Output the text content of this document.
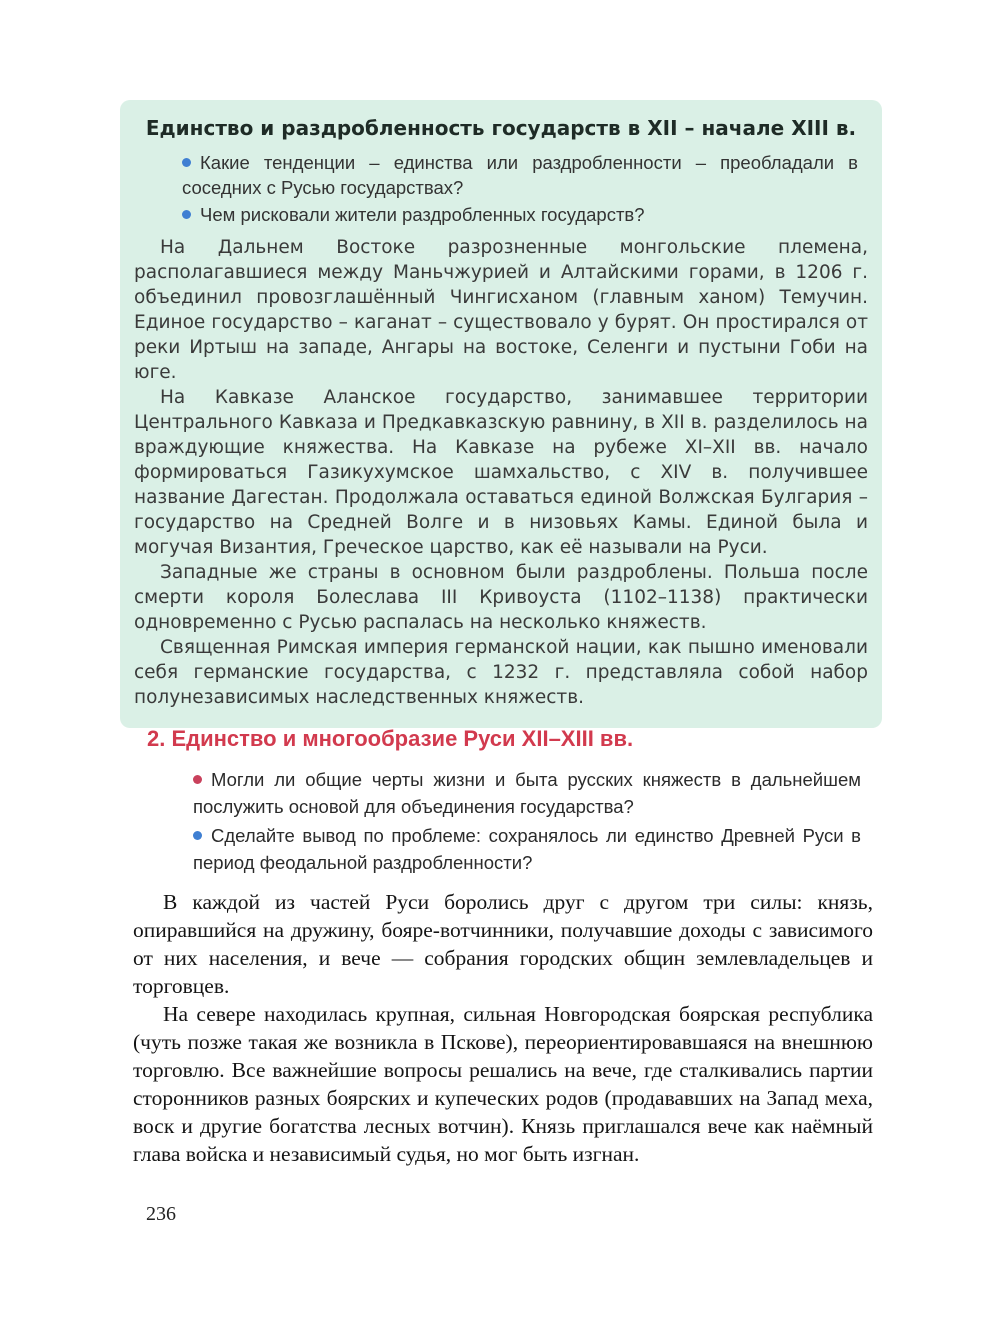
Единство и раздробленность государств в XII – начале XIII в.

Какие тенденции – единства или раздробленности – преобладали в соседних с Русью государствах?

Чем рисковали жители раздробленных государств?

На Дальнем Востоке разрозненные монгольские племена, располагавшиеся между Маньчжурией и Алтайскими горами, в 1206 г. объединил провозглашённый Чингисханом (главным ханом) Темучин. Единое государство – каганат – существовало у бурят. Он простирался от реки Иртыш на западе, Ангары на востоке, Селенги и пустыни Гоби на юге.

На Кавказе Аланское государство, занимавшее территории Центрального Кавказа и Предкавказскую равнину, в XII в. разделилось на враждующие княжества. На Кавказе на рубеже XI–XII вв. начало формироваться Газикухумское шамхальство, с XIV в. получившее название Дагестан. Продолжала оставаться единой Волжская Булгария – государство на Средней Волге и в низовьях Камы. Единой была и могучая Византия, Греческое царство, как её называли на Руси.

Западные же страны в основном были раздроблены. Польша после смерти короля Болеслава III Кривоуста (1102–1138) практически одновременно с Русью распалась на несколько княжеств.

Священная Римская империя германской нации, как пышно именовали себя германские государства, с 1232 г. представляла собой набор полунезависимых наследственных княжеств.

2. Единство и многообразие Руси XII–XIII вв.

Могли ли общие черты жизни и быта русских княжеств в дальнейшем послужить основой для объединения государства?

Сделайте вывод по проблеме: сохранялось ли единство Древней Руси в период феодальной раздробленности?

В каждой из частей Руси боролись друг с другом три силы: князь, опиравшийся на дружину, бояре-вотчинники, получавшие доходы с зависимого от них населения, и вече — собрания городских общин землевладельцев и торговцев.

На севере находилась крупная, сильная Новгородская боярская республика (чуть позже такая же возникла в Пскове), переориентировавшаяся на внешнюю торговлю. Все важнейшие вопросы решались на вече, где сталкивались партии сторонников разных боярских и купеческих родов (продававших на Запад меха, воск и другие богатства лесных вотчин). Князь приглашался вече как наёмный глава войска и независимый судья, но мог быть изгнан.

236
